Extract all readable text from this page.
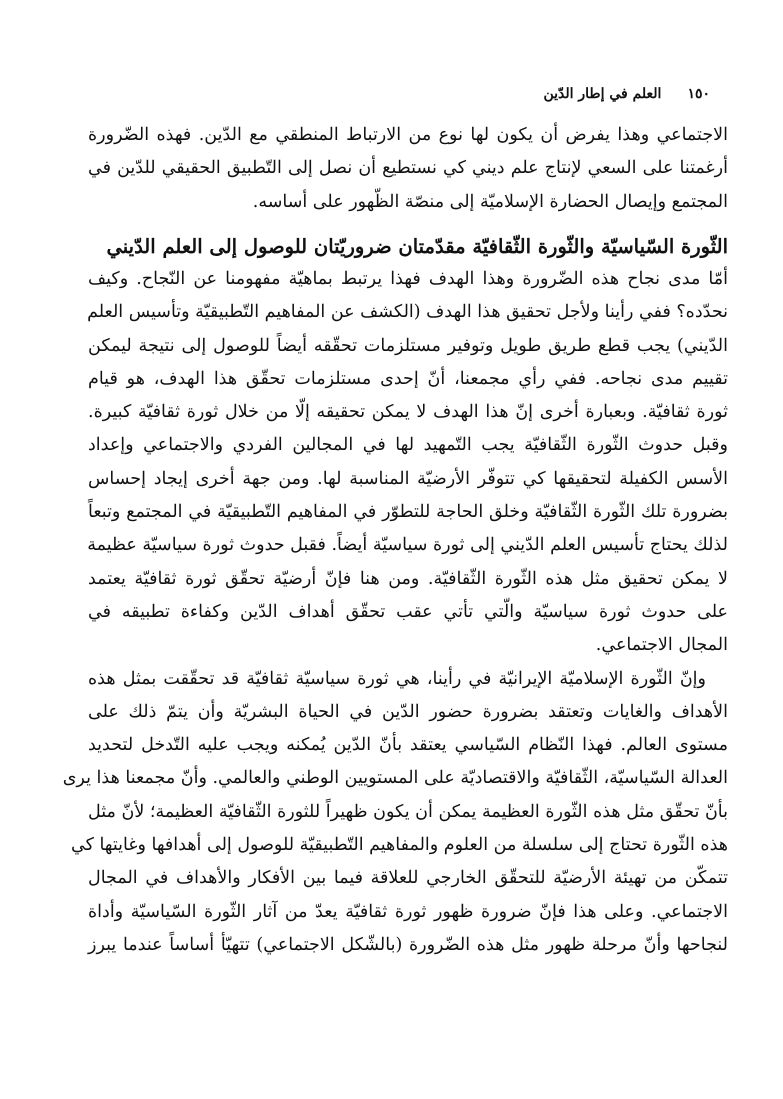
١٥٠
العلم في إطار الدّين
الاجتماعي وهذا يفرض أن يكون لها نوع من الارتباط المنطقي مع الدّين. فهذه الضّرورة
أرغمتنا على السعي لإنتاج علم ديني كي نستطيع أن نصل إلى التّطبيق الحقيقي للدّين في
المجتمع وإيصال الحضارة الإسلاميّة إلى منصّة الظّهور على أساسه.
الثّورة السّياسيّة والثّورة الثّقافيّة مقدّمتان ضروريّتان للوصول إلى العلم الدّيني
أمّا مدى نجاح هذه الضّرورة وهذا الهدف فهذا يرتبط بماهيّة مفهومنا عن النّجاح. وكيف
نحدّده؟ ففي رأينا ولأجل تحقيق هذا الهدف (الكشف عن المفاهيم التّطبيقيّة وتأسيس العلم
الدّيني) يجب قطع طريق طويل وتوفير مستلزمات تحقّقه أيضاً للوصول إلى نتيجة ليمكن
تقييم مدى نجاحه. ففي رأي مجمعنا، أنّ إحدى مستلزمات تحقّق هذا الهدف، هو قيام
ثورة ثقافيّة. وبعبارة أخرى إنّ هذا الهدف لا يمكن تحقيقه إلّا من خلال ثورة ثقافيّة كبيرة.
وقبل حدوث الثّورة الثّقافيّة يجب التّمهيد لها في المجالين الفردي والاجتماعي وإعداد
الأسس الكفيلة لتحقيقها كي تتوفّر الأرضيّة المناسبة لها. ومن جهة أخرى إيجاد إحساس
بضرورة تلك الثّورة الثّقافيّة وخلق الحاجة للتطوّر في المفاهيم التّطبيقيّة في المجتمع وتبعاً
لذلك يحتاج تأسيس العلم الدّيني إلى ثورة سياسيّة أيضاً. فقبل حدوث ثورة سياسيّة عظيمة
لا يمكن تحقيق مثل هذه الثّورة الثّقافيّة. ومن هنا فإنّ أرضيّة تحقّق ثورة ثقافيّة يعتمد
على حدوث ثورة سياسيّة والّتي تأتي عقب تحقّق أهداف الدّين وكفاءة تطبيقه في
المجال الاجتماعي.
وإنّ الثّورة الإسلاميّة الإيرانيّة في رأينا، هي ثورة سياسيّة ثقافيّة قد تحقّقت بمثل هذه
الأهداف والغايات وتعتقد بضرورة حضور الدّين في الحياة البشريّة وأن يتمّ ذلك على
مستوى العالم. فهذا النّظام السّياسي يعتقد بأنّ الدّين يُمكنه ويجب عليه التّدخل لتحديد
العدالة السّياسيّة، الثّقافيّة والاقتصاديّة على المستويين الوطني والعالمي. وأنّ مجمعنا هذا يرى
بأنّ تحقّق مثل هذه الثّورة العظيمة يمكن أن يكون ظهيراً للثورة الثّقافيّة العظيمة؛ لأنّ مثل
هذه الثّورة تحتاج إلى سلسلة من العلوم والمفاهيم التّطبيقيّة للوصول إلى أهدافها وغايتها كي
تتمكّن من تهيئة الأرضيّة للتحقّق الخارجي للعلاقة فيما بين الأفكار والأهداف في المجال
الاجتماعي. وعلى هذا فإنّ ضرورة ظهور ثورة ثقافيّة يعدّ من آثار الثّورة السّياسيّة وأداة
لنجاحها وأنّ مرحلة ظهور مثل هذه الضّرورة (بالشّكل الاجتماعي) تتهيّأ أساساً عندما يبرز
